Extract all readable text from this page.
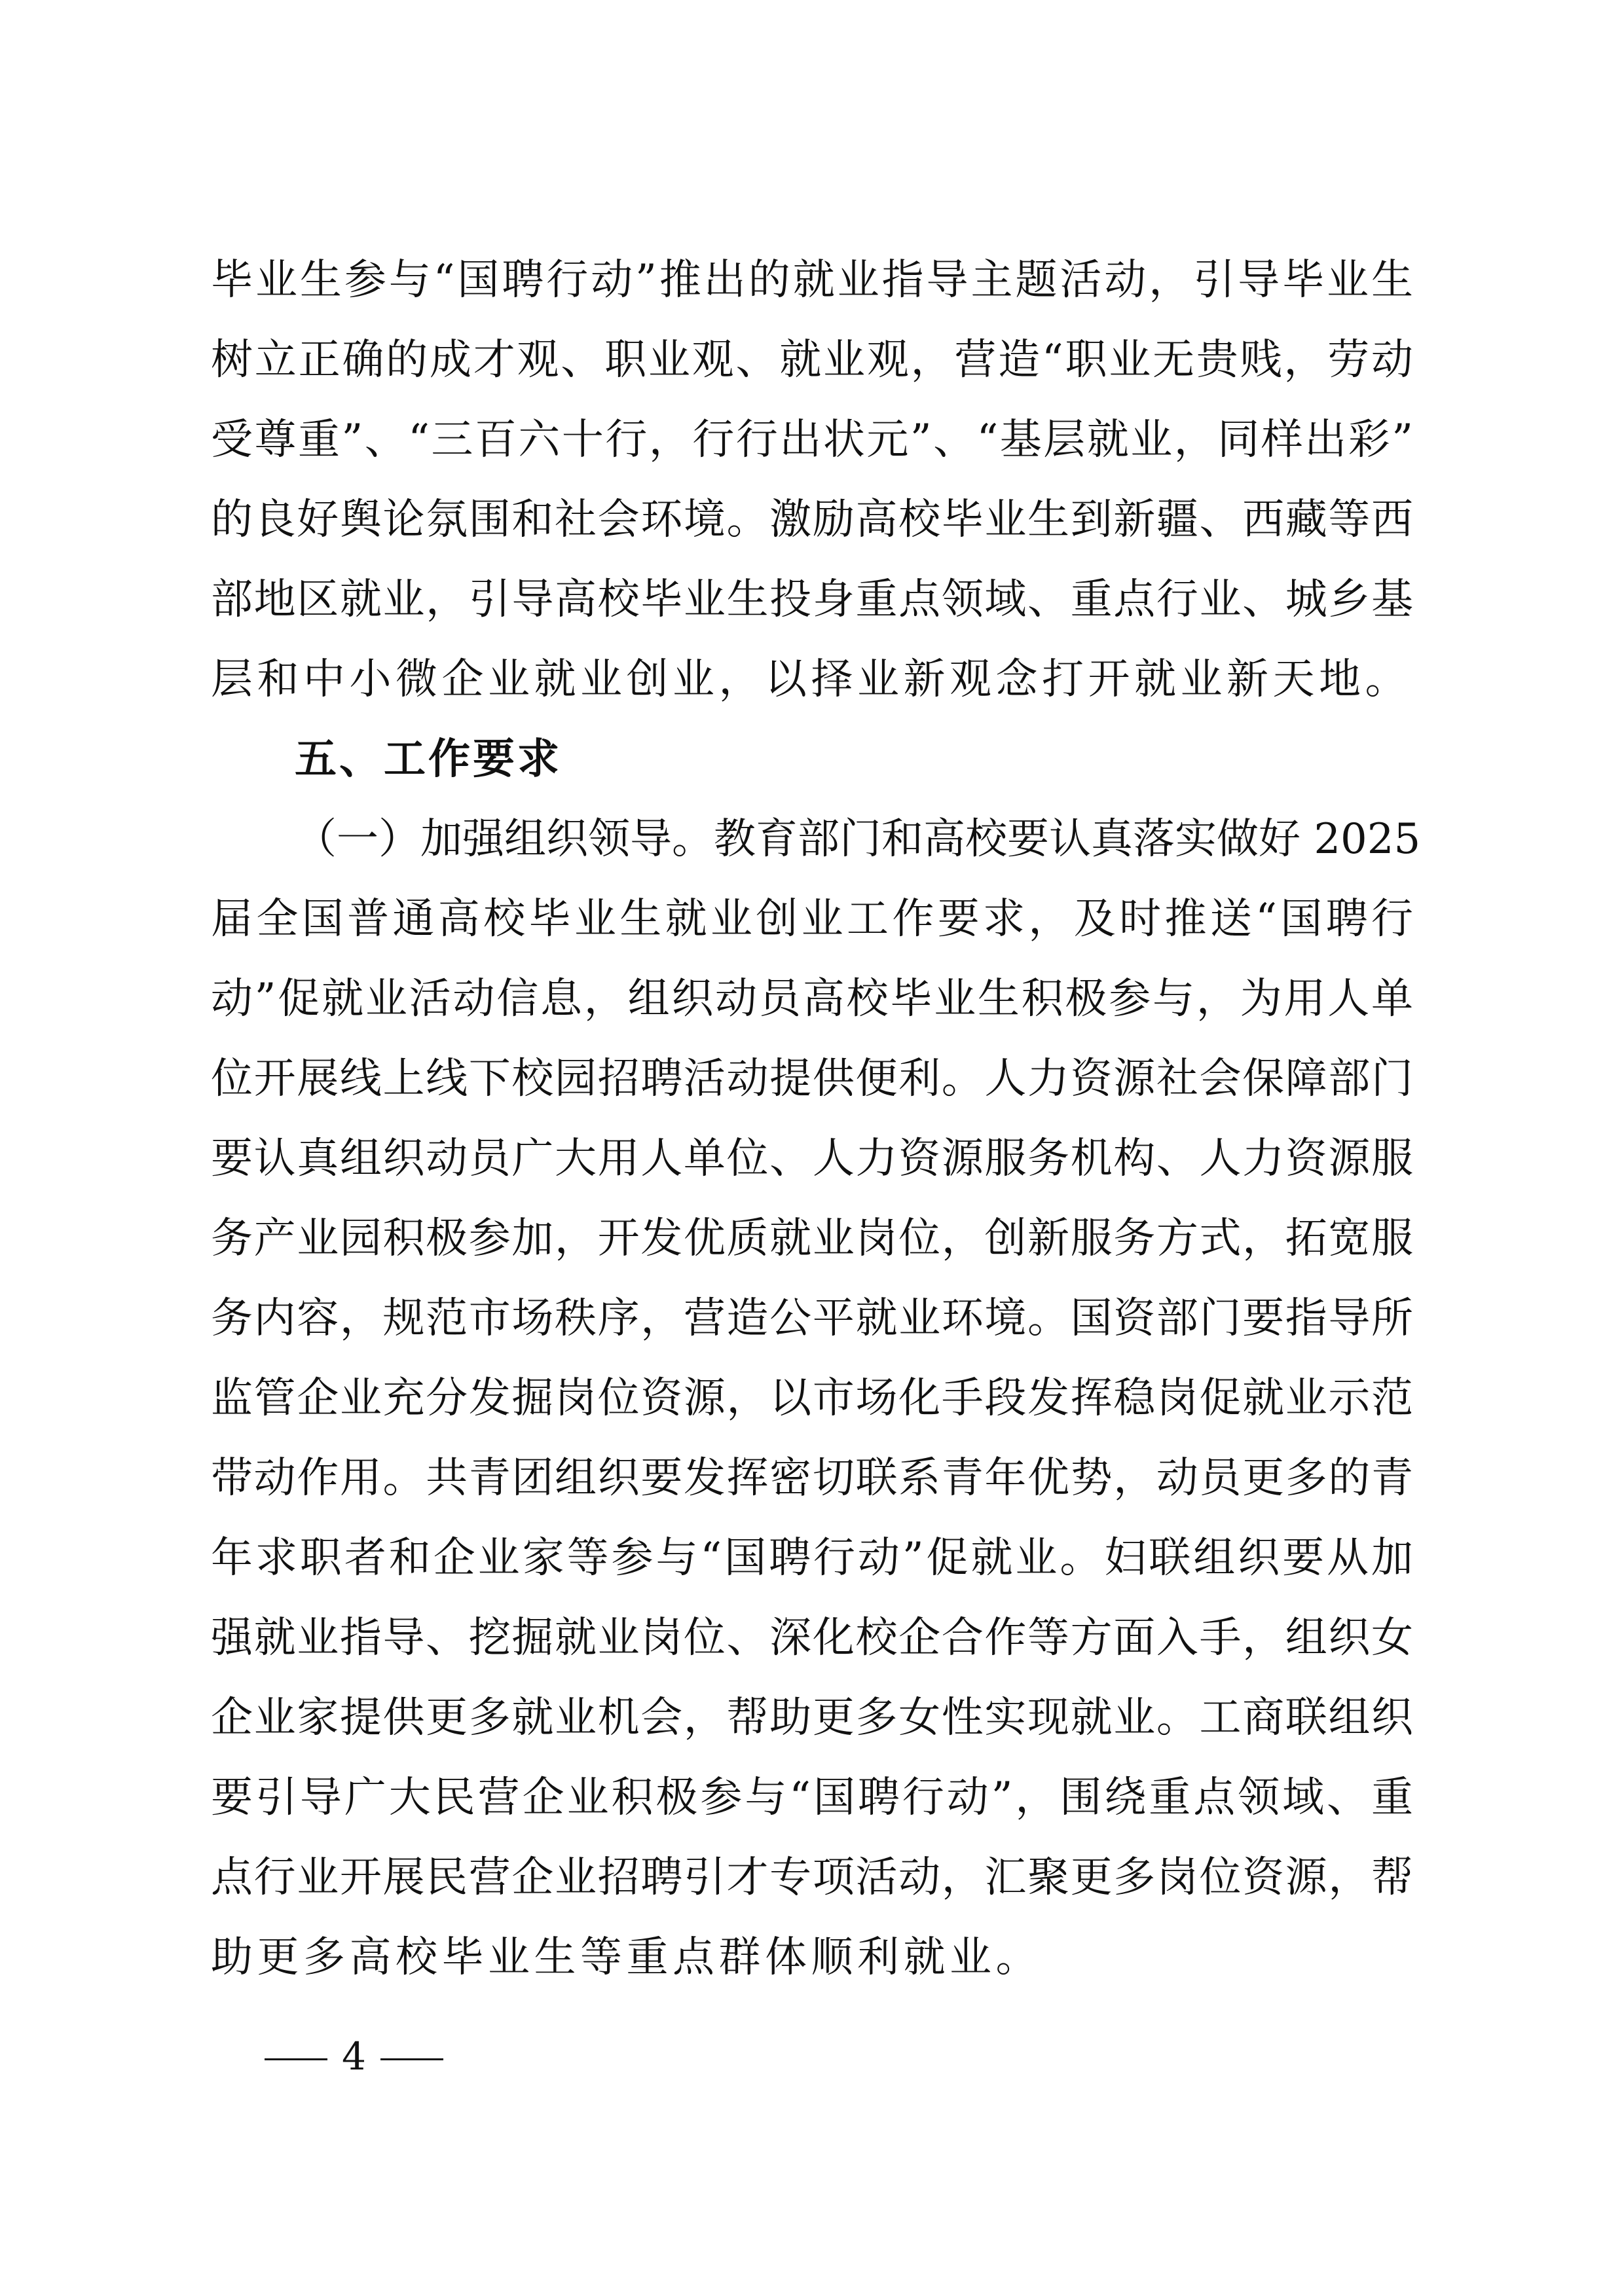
毕业生参与“国聘行动”推出的就业指导主题活动，引导毕业生
树立正确的成才观、职业观、就业观，营造“职业无贵贱，劳动
受尊重”、“三百六十行，行行出状元”、“基层就业，同样出彩”
的良好舆论氛围和社会环境。激励高校毕业生到新疆、西藏等西
部地区就业，引导高校毕业生投身重点领域、重点行业、城乡基
层和中小微企业就业创业，以择业新观念打开就业新天地。
五、工作要求
（一）加强组织领导。教育部门和高校要认真落实做好 2025
届全国普通高校毕业生就业创业工作要求，及时推送“国聘行
动”促就业活动信息，组织动员高校毕业生积极参与，为用人单
位开展线上线下校园招聘活动提供便利。人力资源社会保障部门
要认真组织动员广大用人单位、人力资源服务机构、人力资源服
务产业园积极参加，开发优质就业岗位，创新服务方式，拓宽服
务内容，规范市场秩序，营造公平就业环境。国资部门要指导所
监管企业充分发掘岗位资源，以市场化手段发挥稳岗促就业示范
带动作用。共青团组织要发挥密切联系青年优势，动员更多的青
年求职者和企业家等参与“国聘行动”促就业。妇联组织要从加
强就业指导、挖掘就业岗位、深化校企合作等方面入手，组织女
企业家提供更多就业机会，帮助更多女性实现就业。工商联组织
要引导广大民营企业积极参与“国聘行动”，围绕重点领域、重
点行业开展民营企业招聘引才专项活动，汇聚更多岗位资源，帮
助更多高校毕业生等重点群体顺利就业。
4
